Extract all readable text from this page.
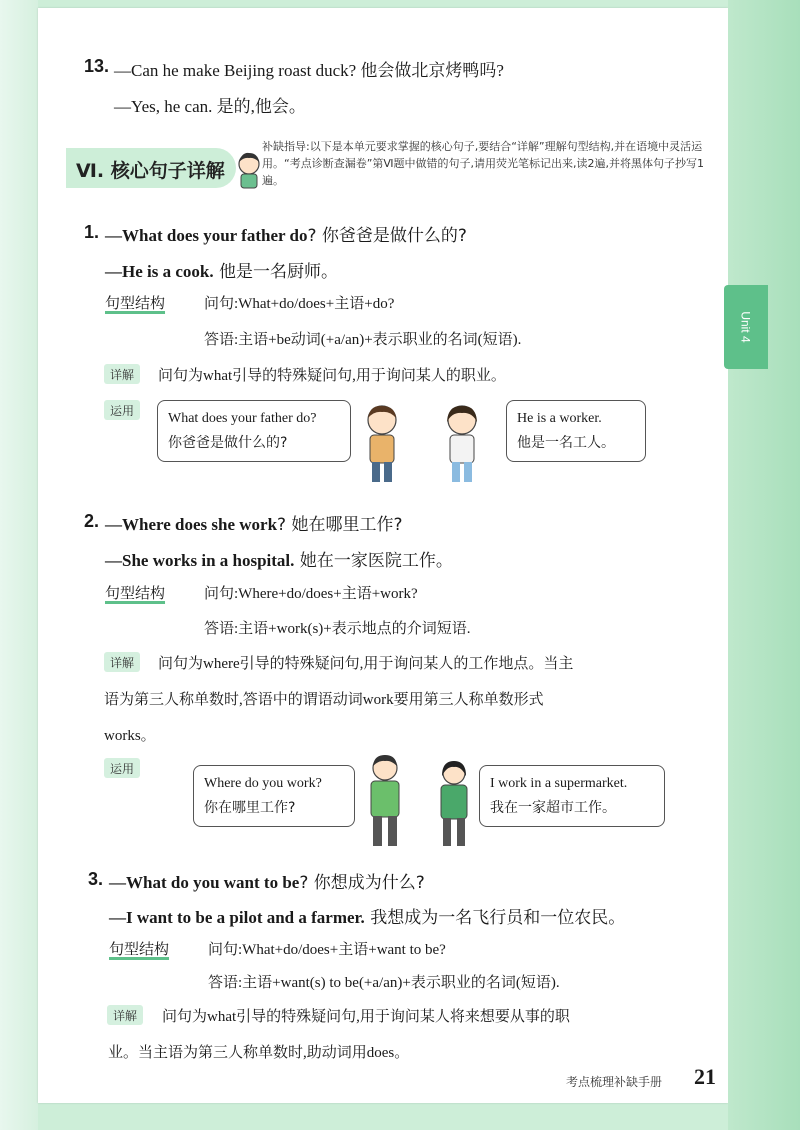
Unit 4
13. —Can he make Beijing roast duck? 他会做北京烤鸭吗?
—Yes, he can. 是的,他会。
Ⅵ. 核心句子详解
补缺指导:以下是本单元要求掌握的核心句子,要结合“详解”理解句型结构,并在语境中灵活运用。“考点诊断查漏卷”第Ⅵ题中做错的句子,请用荧光笔标记出来,读2遍,并将黑体句子抄写1遍。
1. —What does your father do? 你爸爸是做什么的?
—He is a cook. 他是一名厨师。
句型结构	问句:What+do/does+主语+do?
答语:主语+be动词(+a/an)+表示职业的名词(短语).
详解	问句为what引导的特殊疑问句,用于询问某人的职业。
运用
What does your father do?
你爸爸是做什么的?
He is a worker.
他是一名工人。
2. —Where does she work? 她在哪里工作?
—She works in a hospital. 她在一家医院工作。
句型结构	问句:Where+do/does+主语+work?
答语:主语+work(s)+表示地点的介词短语.
详解	问句为where引导的特殊疑问句,用于询问某人的工作地点。当主
语为第三人称单数时,答语中的谓语动词work要用第三人称单数形式
works。
运用
Where do you work?
你在哪里工作?
I work in a supermarket.
我在一家超市工作。
3. —What do you want to be? 你想成为什么?
—I want to be a pilot and a farmer. 我想成为一名飞行员和一位农民。
句型结构	问句:What+do/does+主语+want to be?
答语:主语+want(s) to be(+a/an)+表示职业的名词(短语).
详解	问句为what引导的特殊疑问句,用于询问某人将来想要从事的职
业。当主语为第三人称单数时,助动词用does。
考点梳理补缺手册 21
